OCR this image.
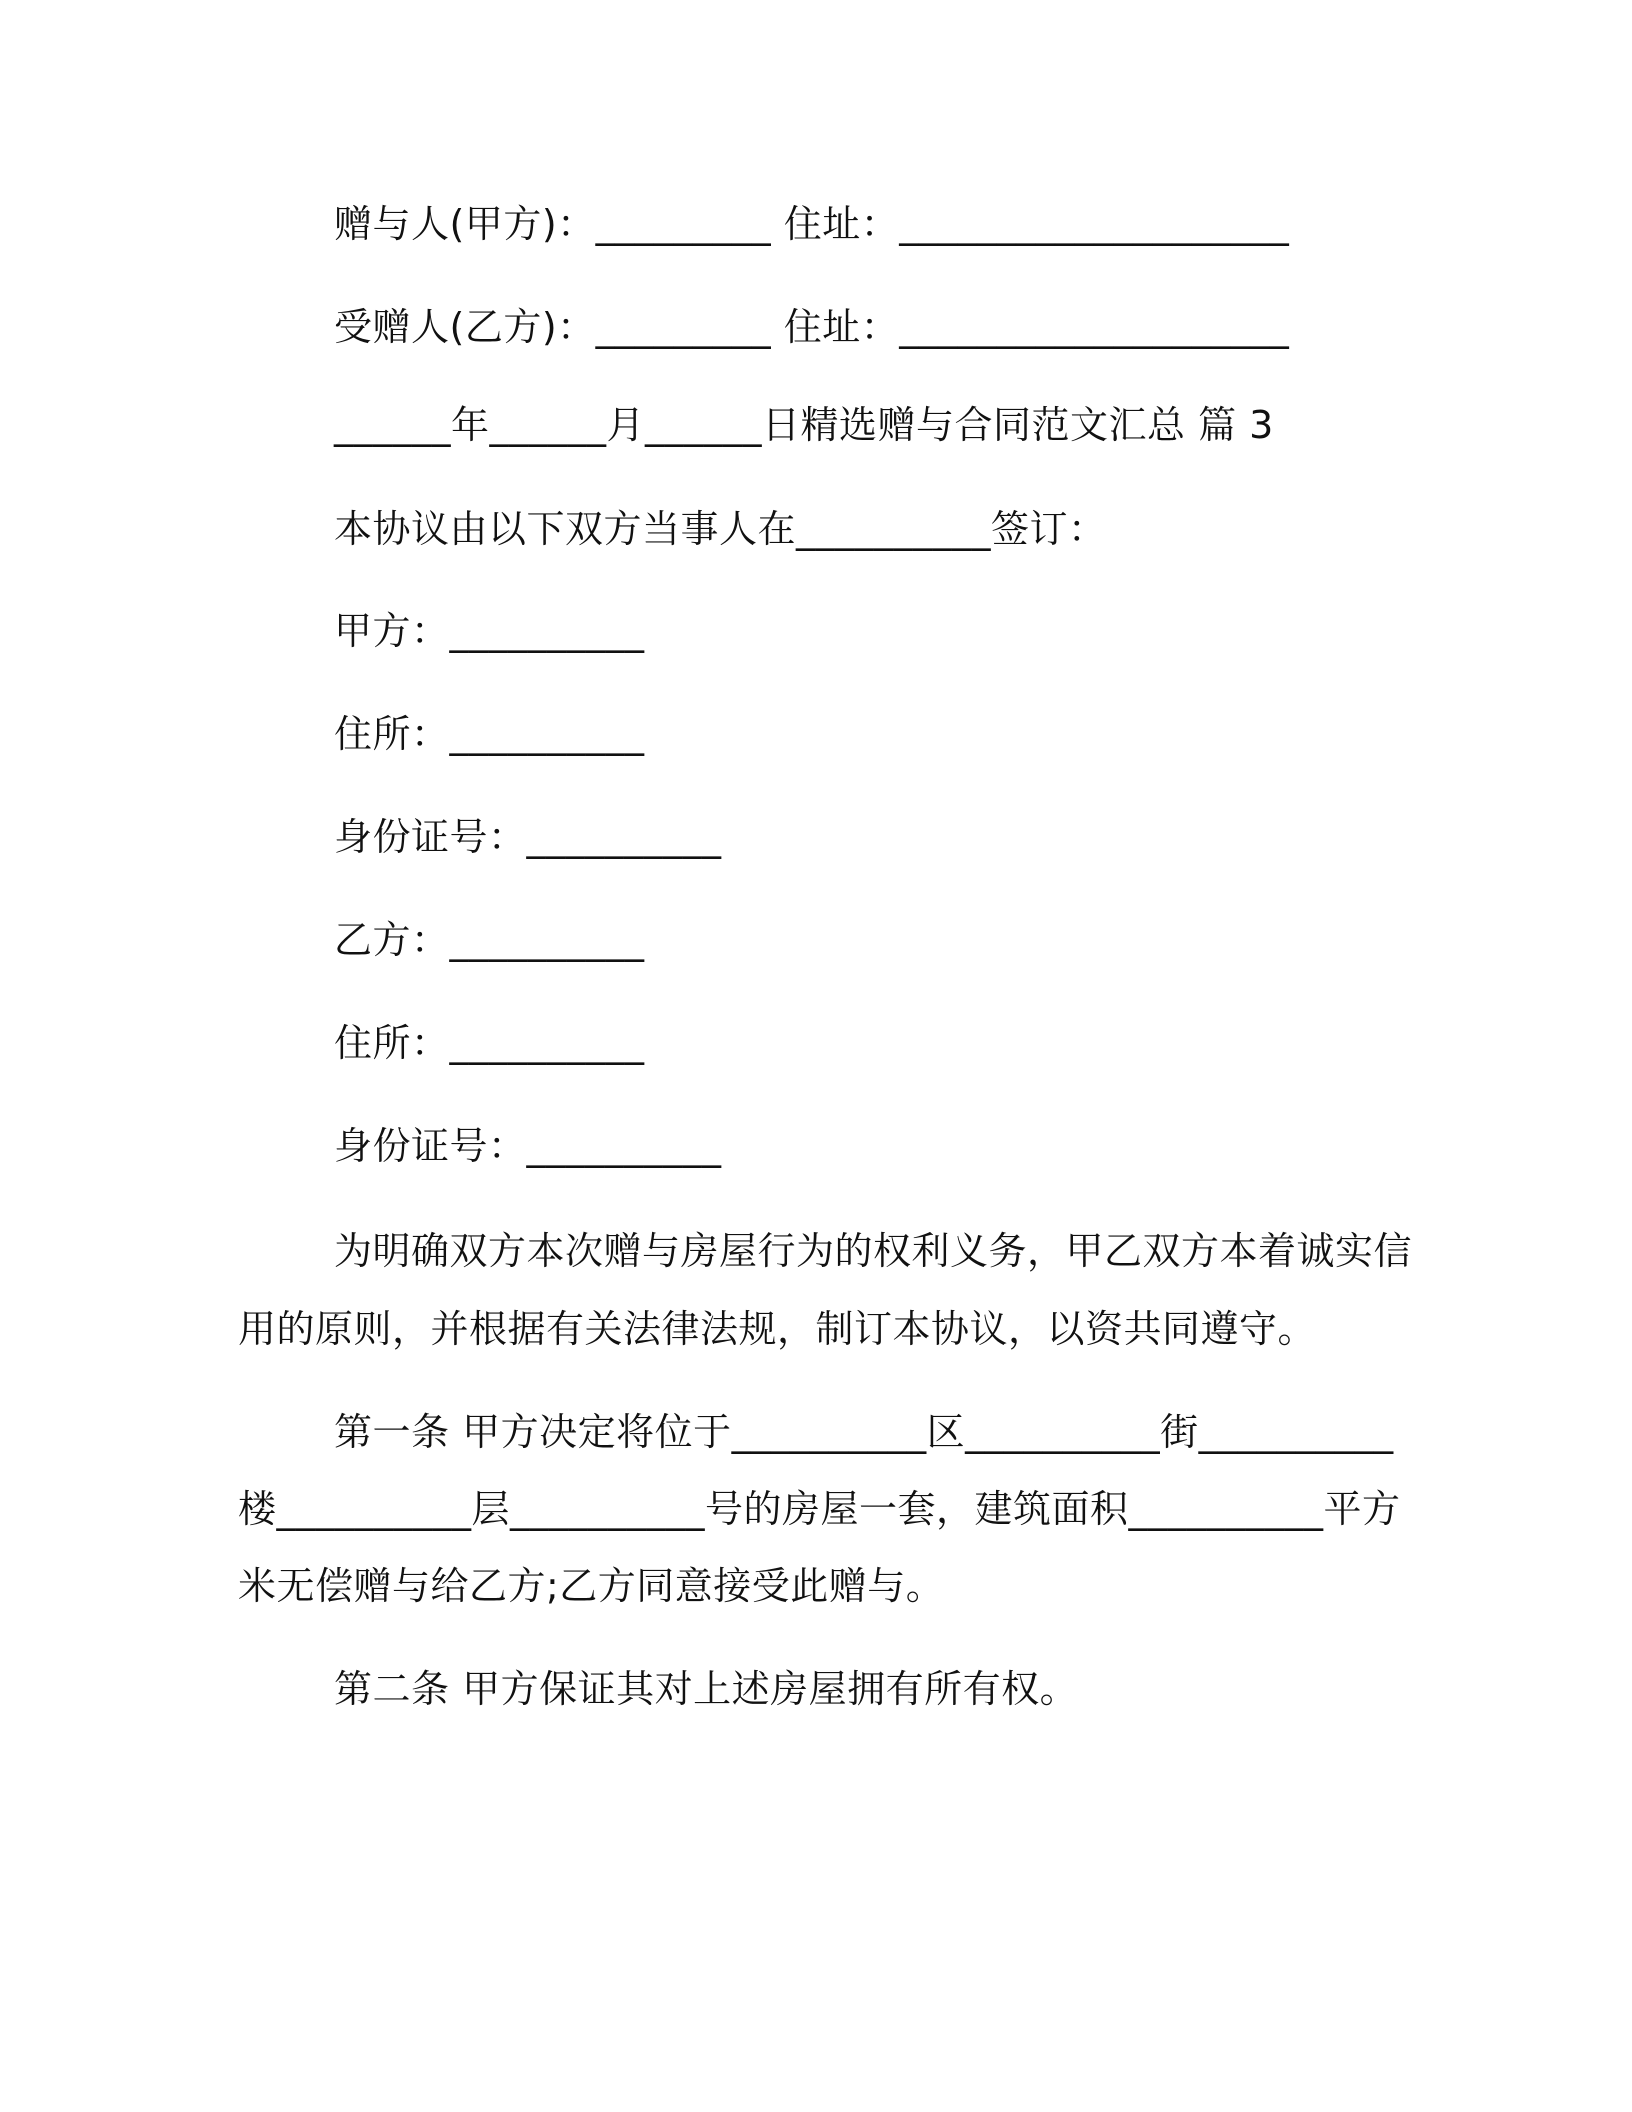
赠与人(甲方)：_________ 住址：____________________
受赠人(乙方)：_________ 住址：____________________
______年______月______日精选赠与合同范文汇总 篇 3
本协议由以下双方当事人在__________签订：
甲方：__________
住所：__________
身份证号：__________
乙方：__________
住所：__________
身份证号：__________
为明确双方本次赠与房屋行为的权利义务，甲乙双方本着诚实信
用的原则，并根据有关法律法规，制订本协议，以资共同遵守。
第一条 甲方决定将位于__________区__________街__________
楼__________层__________号的房屋一套，建筑面积__________平方
米无偿赠与给乙方;乙方同意接受此赠与。
第二条 甲方保证其对上述房屋拥有所有权。
